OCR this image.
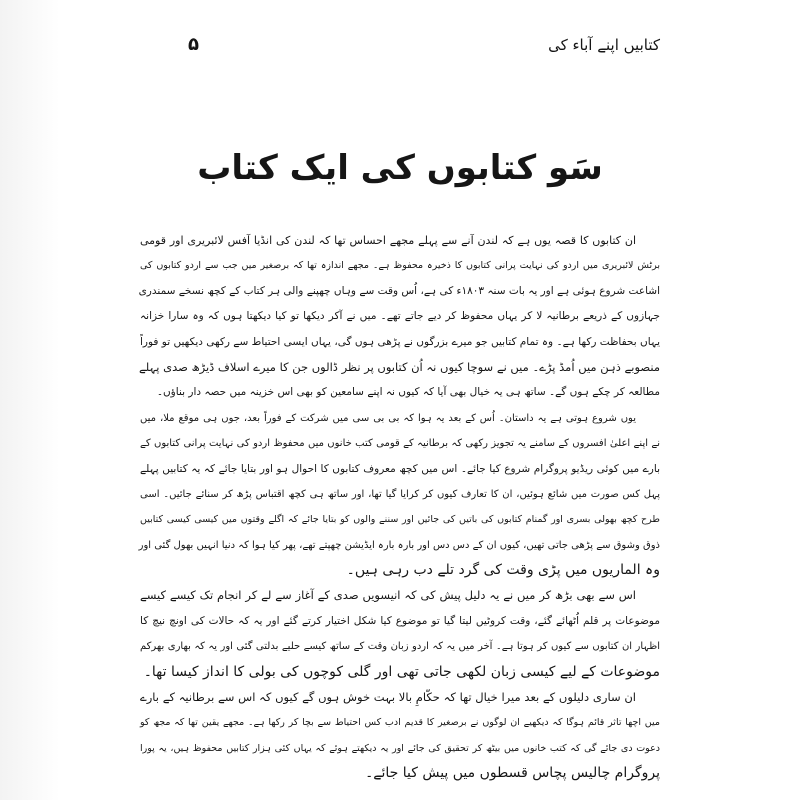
کتابیں اپنے آباء کی
۵
سَو کتابوں کی ایک کتاب
ان کتابوں کا قصہ یوں ہے کہ لندن آنے سے پہلے مجھے احساس تھا کہ لندن کی انڈیا آفس لائبریری اور قومی
برٹش لائبریری میں اردو کی نہایت پرانی کتابوں کا ذخیرہ محفوظ ہے۔ مجھے اندازہ تھا کہ برصغیر میں جب سے اردو کتابوں کی
اشاعت شروع ہوئی ہے اور یہ بات سنہ ۱۸۰۳ء کی ہے، اُس وقت سے وہاں چھپنے والی ہر کتاب کے کچھ نسخے سمندری
جہازوں کے ذریعے برطانیہ لا کر یہاں محفوظ کر دیے جاتے تھے۔ میں نے آکر دیکھا تو کیا دیکھتا ہوں کہ وہ سارا خزانہ
یہاں بحفاظت رکھا ہے۔ وہ تمام کتابیں جو میرے بزرگوں نے پڑھی ہوں گی، یہاں ایسی احتیاط سے رکھی دیکھیں تو فوراً
منصوبے ذہن میں اُمڈ پڑے۔ میں نے سوچا کیوں نہ اُن کتابوں پر نظر ڈالوں جن کا میرے اسلاف ڈیڑھ صدی پہلے
مطالعہ کر چکے ہوں گے۔ ساتھ ہی یہ خیال بھی آیا کہ کیوں نہ اپنے سامعین کو بھی اس خزینہ میں حصہ دار بناؤں۔
یوں شروع ہوتی ہے یہ داستان۔ اُس کے بعد یہ ہوا کہ بی بی سی میں شرکت کے فوراً بعد، جوں ہی موقع ملا، میں
نے اپنے اعلیٰ افسروں کے سامنے یہ تجویز رکھی کہ برطانیہ کے قومی کتب خانوں میں محفوظ اردو کی نہایت پرانی کتابوں کے
بارے میں کوئی ریڈیو پروگرام شروع کیا جائے۔ اس میں کچھ معروف کتابوں کا احوال ہو اور بتایا جائے کہ یہ کتابیں پہلے
پہل کس صورت میں شائع ہوئیں، ان کا تعارف کیوں کر کرایا گیا تھا، اور ساتھ ہی کچھ اقتباس پڑھ کر سنائے جائیں۔ اسی
طرح کچھ بھولی بسری اور گمنام کتابوں کی باتیں کی جائیں اور سننے والوں کو بتایا جائے کہ اگلے وقتوں میں کیسی کیسی کتابیں
ذوق وشوق سے پڑھی جاتی تھیں، کیوں ان کے دس دس اور بارہ بارہ ایڈیشن چھپتے تھے، پھر کیا ہوا کہ دنیا انہیں بھول گئی اور
وہ الماریوں میں پڑی وقت کی گرد تلے دب رہی ہیں۔
اس سے بھی بڑھ کر میں نے یہ دلیل پیش کی کہ انیسویں صدی کے آغاز سے لے کر انجام تک کیسے کیسے
موضوعات پر قلم اُٹھائے گئے، وقت کروٹیں لیتا گیا تو موضوع کیا شکل اختیار کرتے گئے اور یہ کہ حالات کی اونچ نیچ کا
اظہار ان کتابوں سے کیوں کر ہوتا ہے۔ آخر میں یہ کہ اردو زبان وقت کے ساتھ کیسے حلیے بدلتی گئی اور یہ کہ بھاری بھرکم
موضوعات کے لیے کیسی زبان لکھی جاتی تھی اور گلی کوچوں کی بولی کا انداز کیسا تھا۔
ان ساری دلیلوں کے بعد میرا خیال تھا کہ حکّامِ بالا بہت خوش ہوں گے کیوں کہ اس سے برطانیہ کے بارے
میں اچھا تاثر قائم ہوگا کہ دیکھیے ان لوگوں نے برصغیر کا قدیم ادب کس احتیاط سے بچا کر رکھا ہے۔ مجھے یقین تھا کہ مجھ کو
دعوت دی جائے گی کہ کتب خانوں میں بیٹھ کر تحقیق کی جائے اور یہ دیکھتے ہوئے کہ یہاں کئی ہزار کتابیں محفوظ ہیں، یہ پورا
پروگرام چالیس پچاس قسطوں میں پیش کیا جائے۔
